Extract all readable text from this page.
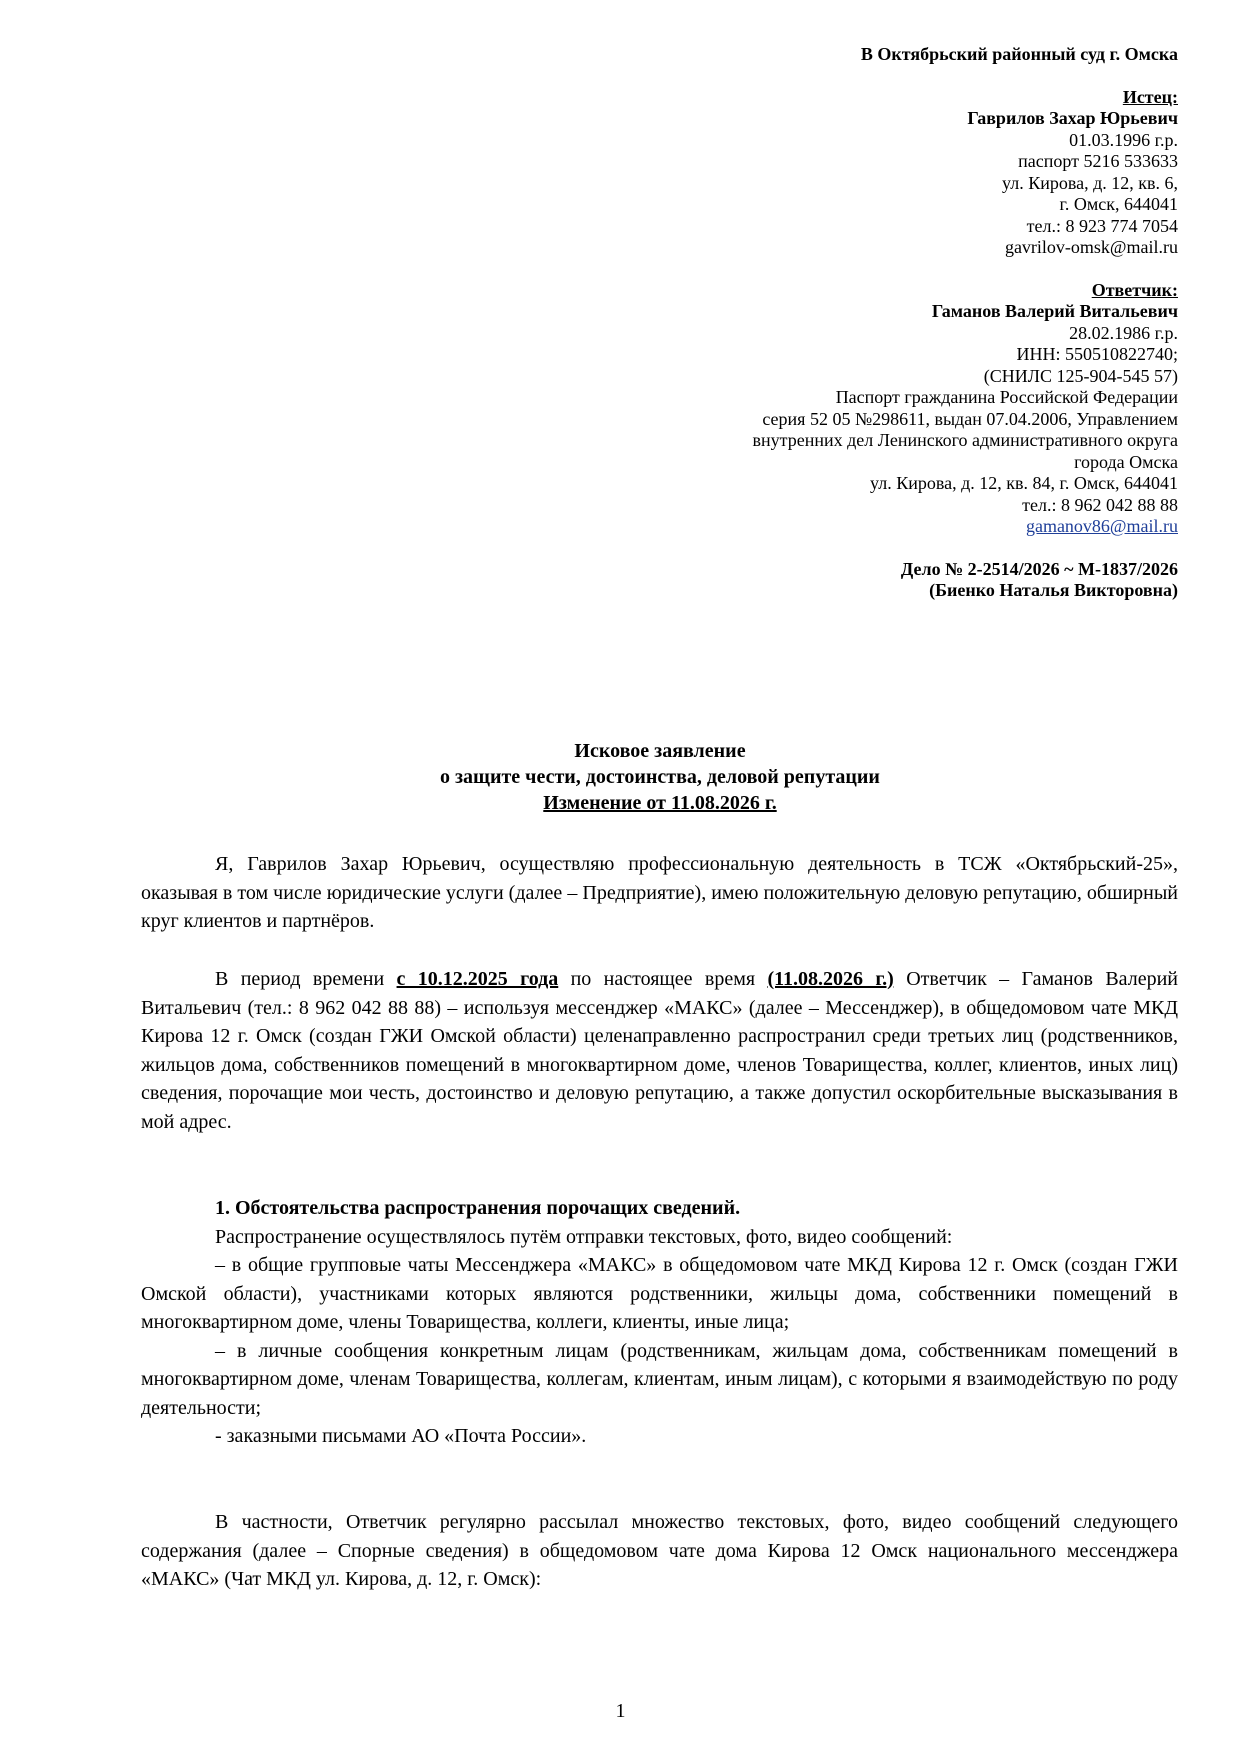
В Октябрьский районный суд г. Омска
Истец:
Гаврилов Захар Юрьевич
01.03.1996 г.р.
паспорт 5216 533633
ул. Кирова, д. 12, кв. 6,
г. Омск, 644041
тел.: 8 923 774 7054
gavrilov-omsk@mail.ru
Ответчик:
Гаманов Валерий Витальевич
28.02.1986 г.р.
ИНН: 550510822740;
(СНИЛС 125-904-545 57)
Паспорт гражданина Российской Федерации
серия 52 05 №298611, выдан 07.04.2006, Управлением
внутренних дел Ленинского административного округа
города Омска
ул. Кирова, д. 12, кв. 84, г. Омск, 644041
тел.: 8 962 042 88 88
gamanov86@mail.ru
Дело № 2-2514/2026 ~ М-1837/2026
(Биенко Наталья Викторовна)
Исковое заявление
о защите чести, достоинства, деловой репутации
Изменение от 11.08.2026 г.

Я, Гаврилов Захар Юрьевич, осуществляю профессиональную деятельность в ТСЖ «Октябрьский-25», оказывая в том числе юридические услуги (далее – Предприятие), имею положительную деловую репутацию, обширный круг клиентов и партнёров.

В период времени с 10.12.2025 года по настоящее время (11.08.2026 г.) Ответчик – Гаманов Валерий Витальевич (тел.: 8 962 042 88 88) – используя мессенджер «МАКС» (далее – Мессенджер), в общедомовом чате МКД Кирова 12 г. Омск (создан ГЖИ Омской области) целенаправленно распространил среди третьих лиц (родственников, жильцов дома, собственников помещений в многоквартирном доме, членов Товарищества, коллег, клиентов, иных лиц) сведения, порочащие мои честь, достоинство и деловую репутацию, а также допустил оскорбительные высказывания в мой адрес.

1. Обстоятельства распространения порочащих сведений.

Распространение осуществлялось путём отправки текстовых, фото, видео сообщений:

– в общие групповые чаты Мессенджера «МАКС» в общедомовом чате МКД Кирова 12 г. Омск (создан ГЖИ Омской области), участниками которых являются родственники, жильцы дома, собственники помещений в многоквартирном доме, члены Товарищества, коллеги, клиенты, иные лица;

– в личные сообщения конкретным лицам (родственникам, жильцам дома, собственникам помещений в многоквартирном доме, членам Товарищества, коллегам, клиентам, иным лицам), с которыми я взаимодействую по роду деятельности;

- заказными письмами АО «Почта России».

В частности, Ответчик регулярно рассылал множество текстовых, фото, видео сообщений следующего содержания (далее – Спорные сведения) в общедомовом чате дома Кирова 12 Омск национального мессенджера «МАКС» (Чат МКД ул. Кирова, д. 12, г. Омск):

1
